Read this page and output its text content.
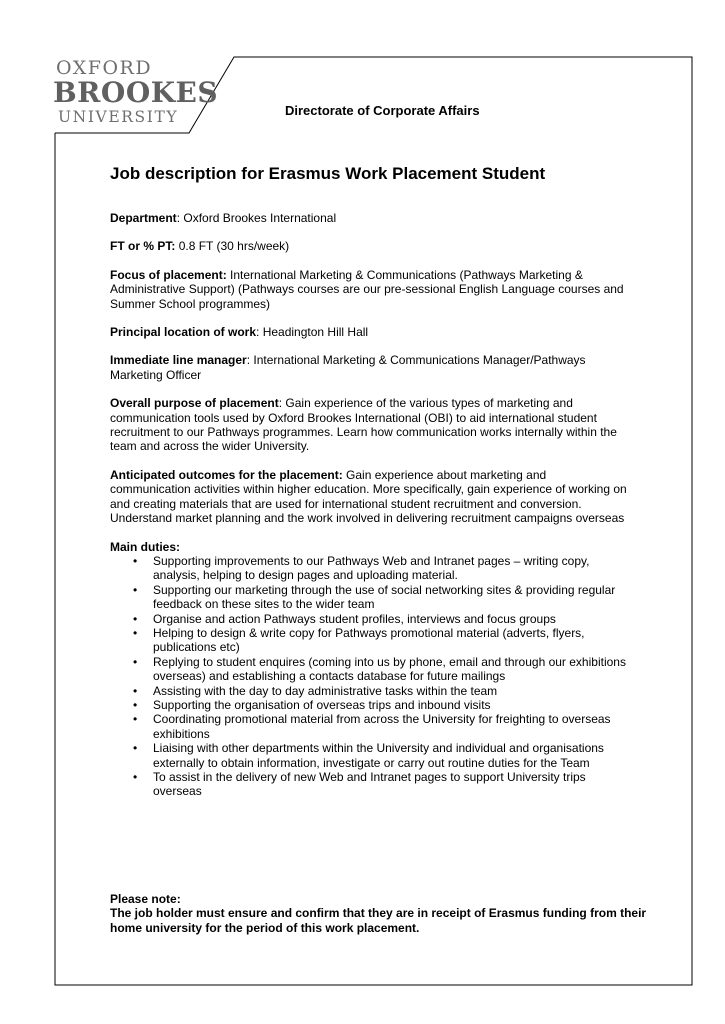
OXFORD
BROOKES
UNIVERSITY	Directorate of Corporate Affairs
Job description for Erasmus Work Placement Student

Department: Oxford Brookes International

FT or % PT: 0.8 FT (30 hrs/week)

Focus of placement: International Marketing & Communications (Pathways Marketing & Administrative Support) (Pathways courses are our pre-sessional English Language courses and Summer School programmes)

Principal location of work: Headington Hill Hall

Immediate line manager: International Marketing & Communications Manager/Pathways Marketing Officer

Overall purpose of placement: Gain experience of the various types of marketing and communication tools used by Oxford Brookes International (OBI) to aid international student recruitment to our Pathways programmes. Learn how communication works internally within the team and across the wider University.

Anticipated outcomes for the placement: Gain experience about marketing and communication activities within higher education. More specifically, gain experience of working on and creating materials that are used for international student recruitment and conversion. Understand market planning and the work involved in delivering recruitment campaigns overseas

Main duties:
• Supporting improvements to our Pathways Web and Intranet pages – writing copy, analysis, helping to design pages and uploading material.
• Supporting our marketing through the use of social networking sites & providing regular feedback on these sites to the wider team
• Organise and action Pathways student profiles, interviews and focus groups
• Helping to design & write copy for Pathways promotional material (adverts, flyers, publications etc)
• Replying to student enquires (coming into us by phone, email and through our exhibitions overseas) and establishing a contacts database for future mailings
• Assisting with the day to day administrative tasks within the team
• Supporting the organisation of overseas trips and inbound visits
• Coordinating promotional material from across the University for freighting to overseas exhibitions
• Liaising with other departments within the University and individual and organisations externally to obtain information, investigate or carry out routine duties for the Team
• To assist in the delivery of new Web and Intranet pages to support University trips overseas
Please note:
The job holder must ensure and confirm that they are in receipt of Erasmus funding from their home university for the period of this work placement.
